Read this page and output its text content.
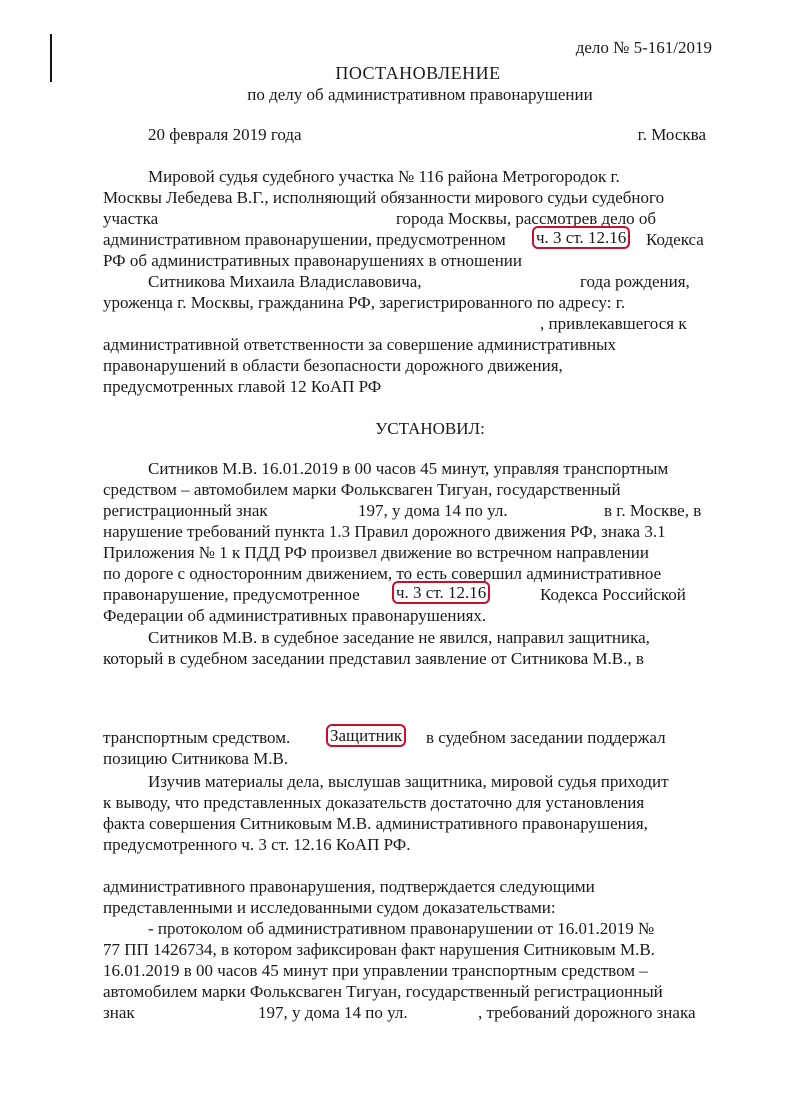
дело № 5-161/2019
ПОСТАНОВЛЕНИЕ
по делу об административном правонарушении
20 февраля 2019 года	г. Москва
Мировой судья судебного участка № 116 района Метрогородок г.
Москвы Лебедева В.Г., исполняющий обязанности мирового судьи судебного
участка	города Москвы, рассмотрев дело об
административном правонарушении, предусмотренном ч. 3 ст. 12.16 Кодекса
РФ об административных правонарушениях в отношении
Ситникова Михаила Владиславовича,	года рождения,
уроженца г. Москвы, гражданина РФ, зарегистрированного по адресу: г.
, привлекавшегося к
административной ответственности за совершение административных
правонарушений в области безопасности дорожного движения,
предусмотренных главой 12 КоАП РФ
УСТАНОВИЛ:
Ситников М.В. 16.01.2019 в 00 часов 45 минут, управляя транспортным
средством – автомобилем марки Фольксваген Тигуан, государственный
регистрационный знак	197, у дома 14 по ул.	в г. Москве, в
нарушение требований пункта 1.3 Правил дорожного движения РФ, знака 3.1
Приложения № 1 к ПДД РФ произвел движение во встречном направлении
по дороге с односторонним движением, то есть совершил административное
правонарушение, предусмотренное ч. 3 ст. 12.16	Кодекса Российской
Федерации об административных правонарушениях.
Ситников М.В. в судебное заседание не явился, направил защитника,
который в судебном заседании представил заявление от Ситникова М.В., в
транспортным средством. Защитник в судебном заседании поддержал
позицию Ситникова М.В.
Изучив материалы дела, выслушав защитника, мировой судья приходит
к выводу, что представленных доказательств достаточно для установления
факта совершения Ситниковым М.В. административного правонарушения,
предусмотренного ч. 3 ст. 12.16 КоАП РФ.
административного правонарушения, подтверждается следующими
представленными и исследованными судом доказательствами:
- протоколом об административном правонарушении от 16.01.2019 №
77 ПП 1426734, в котором зафиксирован факт нарушения Ситниковым М.В.
16.01.2019 в 00 часов 45 минут при управлении транспортным средством –
автомобилем марки Фольксваген Тигуан, государственный регистрационный
знак	197, у дома 14 по ул.	, требований дорожного знака
